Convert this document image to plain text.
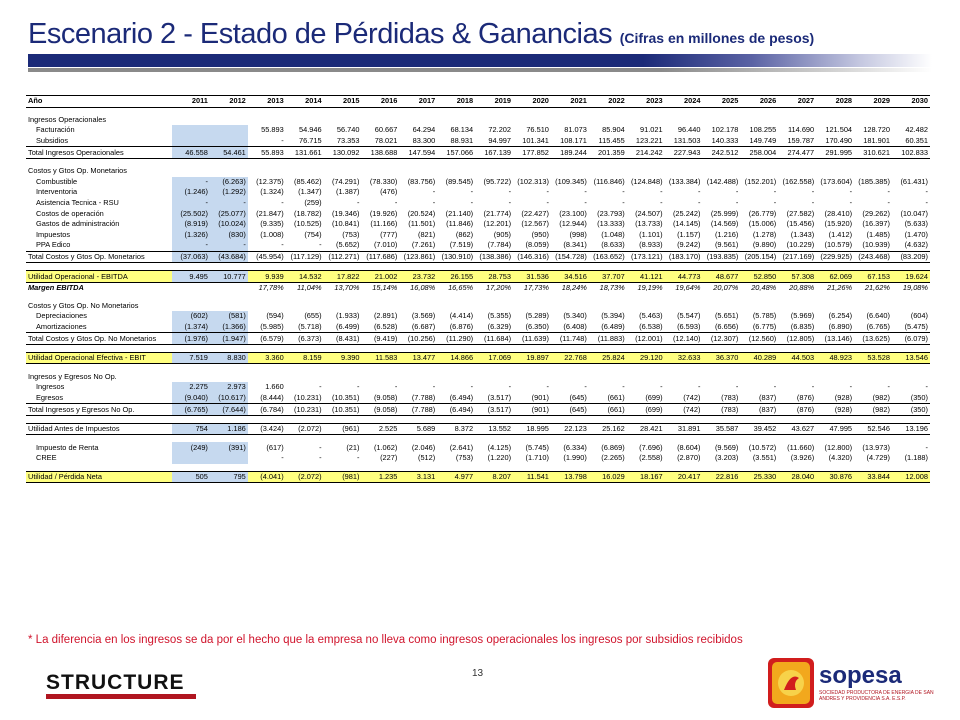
Escenario 2 - Estado de Pérdidas & Ganancias (Cifras en millones de pesos)
Año	2011	2012	2013	2014	2015	2016	2017	2018	2019	2020	2021	2022	2023	2024	2025	2026	2027	2028	2029	2030

Ingresos Operacionales																				
Facturación			55.893	54.946	56.740	60.667	64.294	68.134	72.202	76.510	81.073	85.904	91.021	96.440	102.178	108.255	114.690	121.504	128.720	42.482
Subsidios			-	76.715	73.353	78.021	83.300	88.931	94.997	101.341	108.171	115.455	123.221	131.503	140.333	149.749	159.787	170.490	181.901	60.351
Total Ingresos Operacionales	46.558	54.461	55.893	131.661	130.092	138.688	147.594	157.066	167.139	177.852	189.244	201.359	214.242	227.943	242.512	258.004	274.477	291.995	310.621	102.833

Costos y Gtos Op. Monetarios																				
Combustible	-	(6.263)	(12.375)	(85.462)	(74.291)	(78.330)	(83.756)	(89.545)	(95.722)	(102.313)	(109.345)	(116.846)	(124.848)	(133.384)	(142.488)	(152.201)	(162.558)	(173.604)	(185.385)	(61.431)
Interventoria	(1.246)	(1.292)	(1.324)	(1.347)	(1.387)	(476)	-	-	-	-	-	-	-	-	-	-	-	-	-	-
Asistencia Tecnica - RSU	-	-	-	(259)	-	-	-	-	-	-	-	-	-	-	-	-	-	-	-	-
Costos de operación	(25.502)	(25.077)	(21.847)	(18.782)	(19.346)	(19.926)	(20.524)	(21.140)	(21.774)	(22.427)	(23.100)	(23.793)	(24.507)	(25.242)	(25.999)	(26.779)	(27.582)	(28.410)	(29.262)	(10.047)
Gastos de administración	(8.919)	(10.024)	(9.335)	(10.525)	(10.841)	(11.166)	(11.501)	(11.846)	(12.201)	(12.567)	(12.944)	(13.333)	(13.733)	(14.145)	(14.569)	(15.006)	(15.456)	(15.920)	(16.397)	(5.633)
Impuestos	(1.326)	(830)	(1.008)	(754)	(753)	(777)	(821)	(862)	(905)	(950)	(998)	(1.048)	(1.101)	(1.157)	(1.216)	(1.278)	(1.343)	(1.412)	(1.485)	(1.470)
PPA Edico	-	-	-	-	(5.652)	(7.010)	(7.261)	(7.519)	(7.784)	(8.059)	(8.341)	(8.633)	(8.933)	(9.242)	(9.561)	(9.890)	(10.229)	(10.579)	(10.939)	(4.632)
Total Costos y Gtos Op. Monetarios	(37.063)	(43.684)	(45.954)	(117.129)	(112.271)	(117.686)	(123.861)	(130.910)	(138.386)	(146.316)	(154.728)	(163.652)	(173.121)	(183.170)	(193.835)	(205.154)	(217.169)	(229.925)	(243.468)	(83.209)

Utilidad Operacional - EBITDA	9.495	10.777	9.939	14.532	17.822	21.002	23.732	26.155	28.753	31.536	34.516	37.707	41.121	44.773	48.677	52.850	57.308	62.069	67.153	19.624
Margen EBITDA			17,78%	11,04%	13,70%	15,14%	16,08%	16,65%	17,20%	17,73%	18,24%	18,73%	19,19%	19,64%	20,07%	20,48%	20,88%	21,26%	21,62%	19,08%

Costos y Gtos Op. No Monetarios																				
Depreciaciones	(602)	(581)	(594)	(655)	(1.933)	(2.891)	(3.569)	(4.414)	(5.355)	(5.289)	(5.340)	(5.394)	(5.463)	(5.547)	(5.651)	(5.785)	(5.969)	(6.254)	(6.640)	(604)
Amortizaciones	(1.374)	(1.366)	(5.985)	(5.718)	(6.499)	(6.528)	(6.687)	(6.876)	(6.329)	(6.350)	(6.408)	(6.489)	(6.538)	(6.593)	(6.656)	(6.775)	(6.835)	(6.890)	(6.765)	(5.475)
Total Costos y Gtos Op. No Monetarios	(1.976)	(1.947)	(6.579)	(6.373)	(8.431)	(9.419)	(10.256)	(11.290)	(11.684)	(11.639)	(11.748)	(11.883)	(12.001)	(12.140)	(12.307)	(12.560)	(12.805)	(13.146)	(13.625)	(6.079)

Utilidad Operacional Efectiva - EBIT	7.519	8.830	3.360	8.159	9.390	11.583	13.477	14.866	17.069	19.897	22.768	25.824	29.120	32.633	36.370	40.289	44.503	48.923	53.528	13.546

Ingresos y Egresos No Op.																				
Ingresos	2.275	2.973	1.660	-	-	-	-	-	-	-	-	-	-	-	-	-	-	-	-	-
Egresos	(9.040)	(10.617)	(8.444)	(10.231)	(10.351)	(9.058)	(7.788)	(6.494)	(3.517)	(901)	(645)	(661)	(699)	(742)	(783)	(837)	(876)	(928)	(982)	(350)
Total Ingresos y Egresos No Op.	(6.765)	(7.644)	(6.784)	(10.231)	(10.351)	(9.058)	(7.788)	(6.494)	(3.517)	(901)	(645)	(661)	(699)	(742)	(783)	(837)	(876)	(928)	(982)	(350)

Utilidad Antes de Impuestos	754	1.186	(3.424)	(2.072)	(961)	2.525	5.689	8.372	13.552	18.995	22.123	25.162	28.421	31.891	35.587	39.452	43.627	47.995	52.546	13.196

Impuesto de Renta	(249)	(391)	(617)	-	(21)	(1.062)	(2.046)	(2.641)	(4.125)	(5.745)	(6.334)	(6.869)	(7.696)	(8.604)	(9.569)	(10.572)	(11.660)	(12.800)	(13.973)	-
CREE			-	-	-	(227)	(512)	(753)	(1.220)	(1.710)	(1.990)	(2.265)	(2.558)	(2.870)	(3.203)	(3.551)	(3.926)	(4.320)	(4.729)	(1.188)

Utilidad / Pérdida Neta	505	795	(4.041)	(2.072)	(981)	1.235	3.131	4.977	8.207	11.541	13.798	16.029	18.167	20.417	22.816	25.330	28.040	30.876	33.844	12.008
* La diferencia en los ingresos se da por el hecho que la empresa no lleva como ingresos operacionales los ingresos por subsidios recibidos
13
STRUCTURE	sopesa
SOCIEDAD PRODUCTORA DE ENERGIA DE SAN ANDRES Y PROVIDENCIA S.A. E.S.P.
